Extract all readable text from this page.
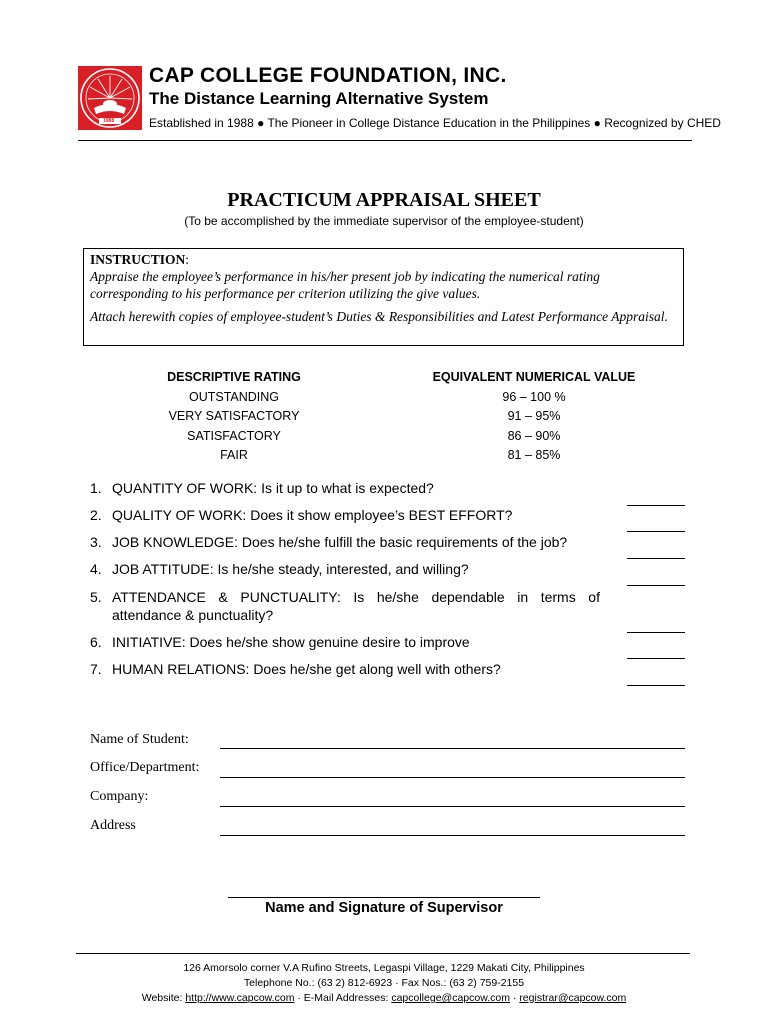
1988
CAP COLLEGE FOUNDATION, INC.
The Distance Learning Alternative System
Established in 1988 ● The Pioneer in College Distance Education in the Philippines ● Recognized by CHED
PRACTICUM APPRAISAL SHEET
(To be accomplished by the immediate supervisor of the employee-student)
INSTRUCTION:

Appraise the employee’s performance in his/her present job by indicating the numerical rating corresponding to his performance per criterion utilizing the give values.

Attach herewith copies of employee-student’s Duties & Responsibilities and Latest Performance Appraisal.

DESCRIPTIVE RATING
OUTSTANDING
VERY SATISFACTORY
SATISFACTORY
FAIR
EQUIVALENT NUMERICAL VALUE
96 – 100 %
91 – 95%
86 – 90%
81 – 85%
1. QUANTITY OF WORK: Is it up to what is expected?
2. QUALITY OF WORK: Does it show employee’s BEST EFFORT?
3. JOB KNOWLEDGE: Does he/she fulfill the basic requirements of the job?
4. JOB ATTITUDE: Is he/she steady, interested, and willing?
5. ATTENDANCE & PUNCTUALITY: Is he/she dependable in terms of
attendance & punctuality?
6. INITIATIVE: Does he/she show genuine desire to improve
7. HUMAN RELATIONS: Does he/she get along well with others?
Name of Student:
Office/Department:
Company:
Address
Name and Signature of Supervisor
126 Amorsolo corner V.A Rufino Streets, Legaspi Village, 1229 Makati City, Philippines
Telephone No.: (63 2) 812-6923 · Fax Nos.: (63 2) 759-2155
Website: http://www.capcow.com · E-Mail Addresses: capcollege@capcow.com · registrar@capcow.com
